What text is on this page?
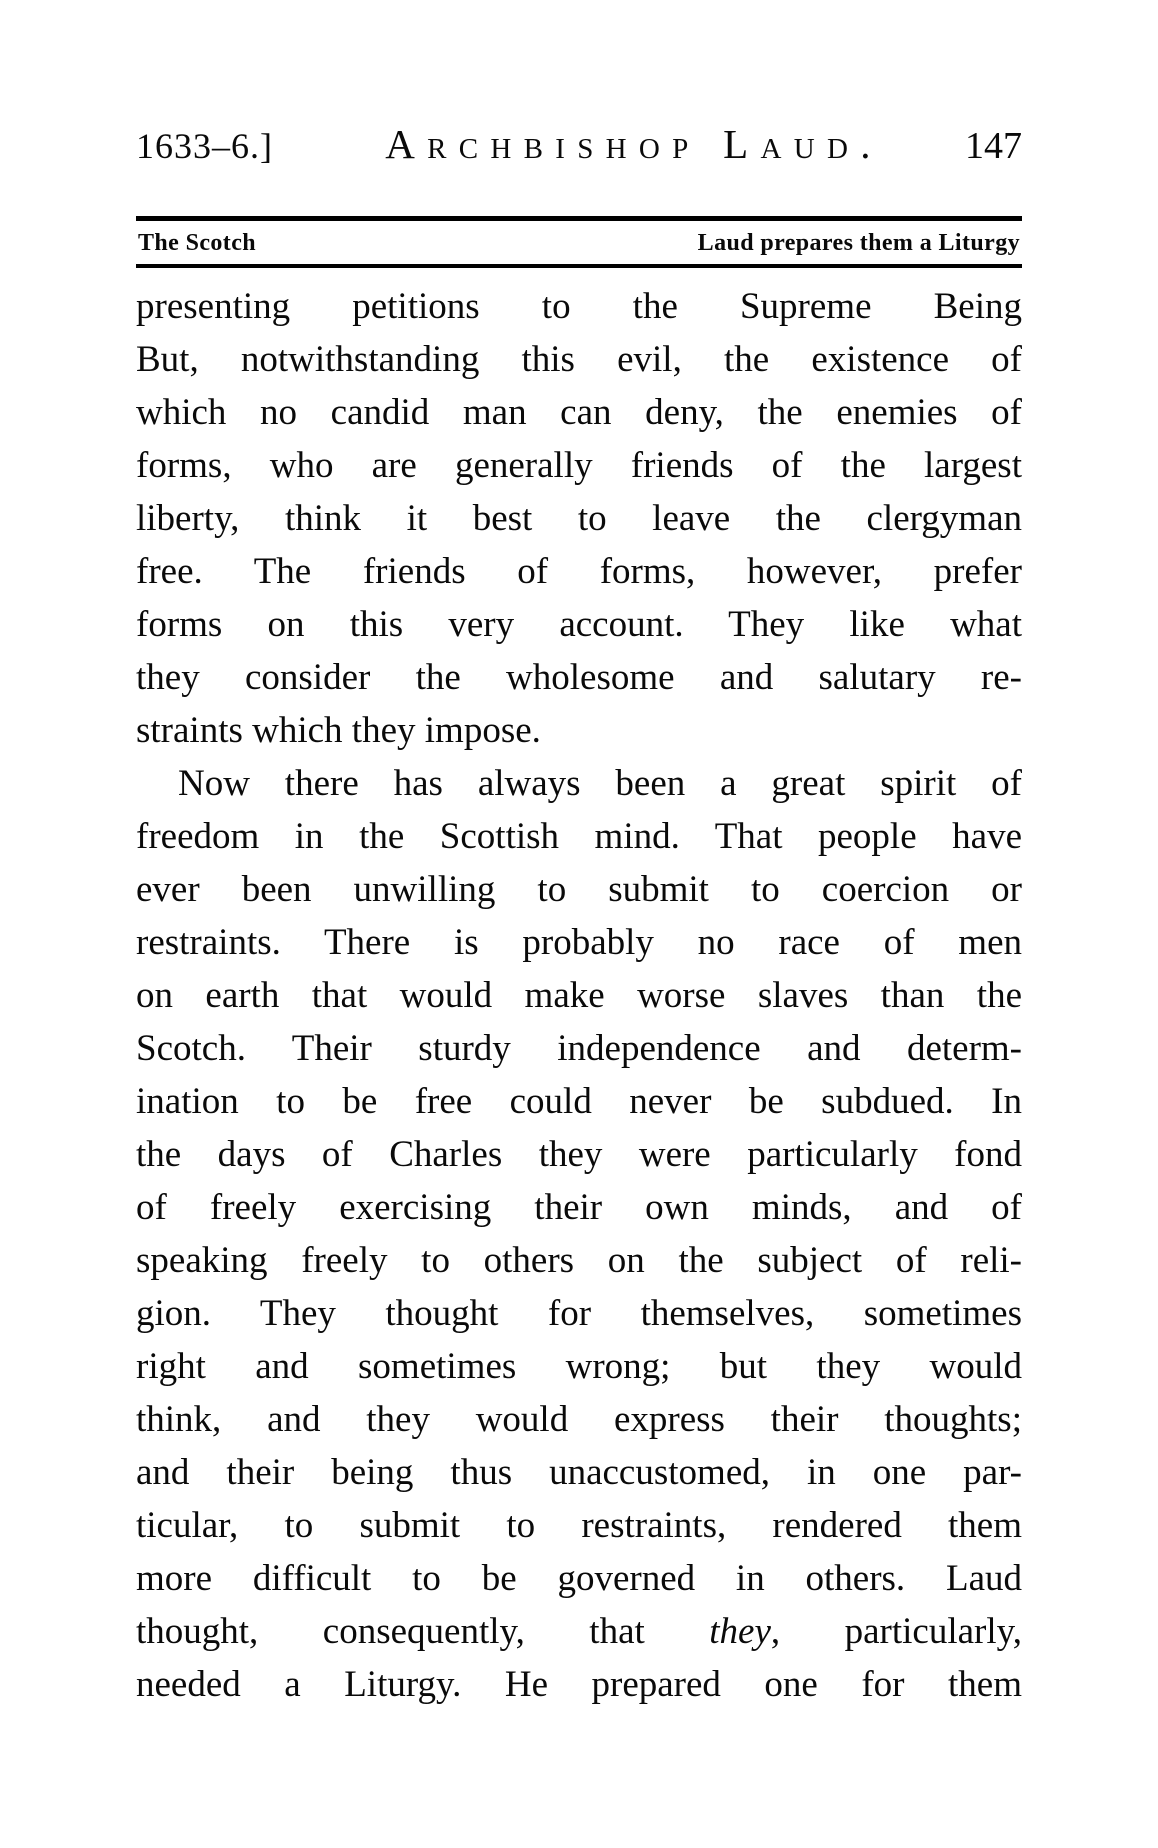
1633–6.]	Archbishop Laud.	147
The Scotch	Laud prepares them a Liturgy
presenting petitions to the Supreme Being
But, notwithstanding this evil, the existence of
which no candid man can deny, the enemies of
forms, who are generally friends of the largest
liberty, think it best to leave the clergyman
free. The friends of forms, however, prefer
forms on this very account. They like what
they consider the wholesome and salutary re-
straints which they impose.
Now there has always been a great spirit of
freedom in the Scottish mind. That people have
ever been unwilling to submit to coercion or
restraints. There is probably no race of men
on earth that would make worse slaves than the
Scotch. Their sturdy independence and determ-
ination to be free could never be subdued. In
the days of Charles they were particularly fond
of freely exercising their own minds, and of
speaking freely to others on the subject of reli-
gion. They thought for themselves, sometimes
right and sometimes wrong; but they would
think, and they would express their thoughts;
and their being thus unaccustomed, in one par-
ticular, to submit to restraints, rendered them
more difficult to be governed in others. Laud
thought, consequently, that they, particularly,
needed a Liturgy. He prepared one for them
